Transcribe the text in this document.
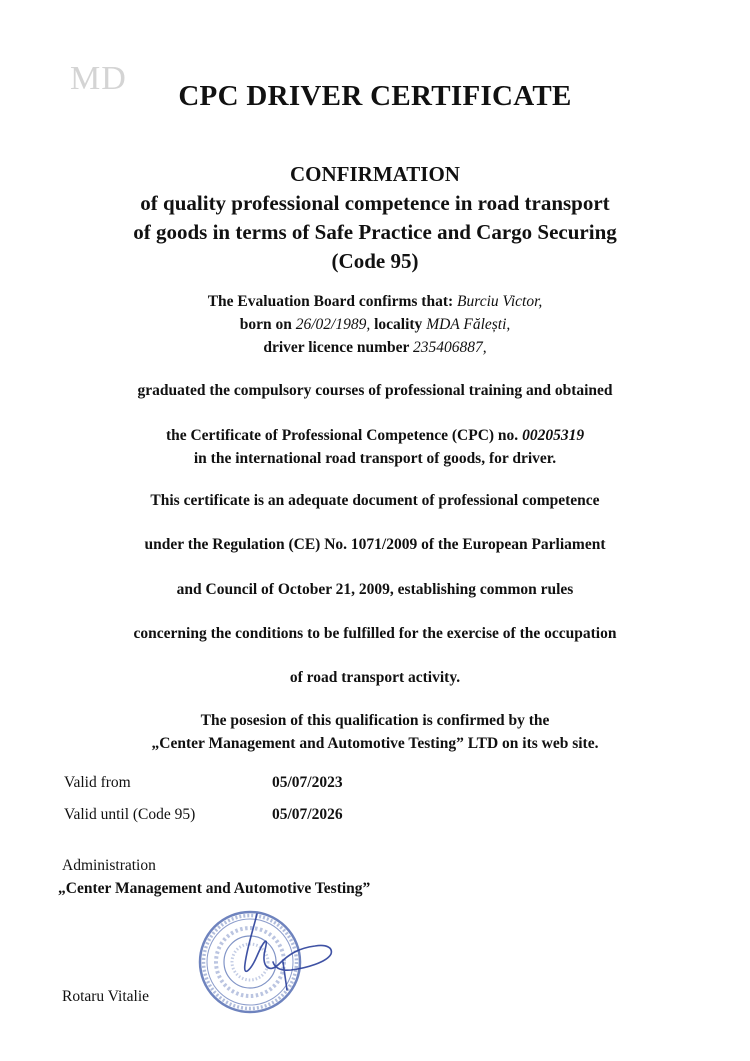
MD	CPC DRIVER CERTIFICATE
CONFIRMATION
of quality professional competence in road transport
of goods in terms of Safe Practice and Cargo Securing
(Code 95)
The Evaluation Board confirms that: Burciu Victor,
born on 26/02/1989, locality MDA Fălești,
driver licence number 235406887,
graduated the compulsory courses of professional training and obtained
the Certificate of Professional Competence (CPC) no. 00205319
in the international road transport of goods, for driver.
This certificate is an adequate document of professional competence
under the Regulation (CE) No. 1071/2009 of the European Parliament
and Council of October 21, 2009, establishing common rules
concerning the conditions to be fulfilled for the exercise of the occupation
of road transport activity.
The posesion of this qualification is confirmed by the
„Center Management and Automotive Testing” LTD on its web site.
Valid from	05/07/2023
Valid until (Code 95)	05/07/2026
Administration
„Center Management and Automotive Testing”
Rotaru Vitalie
